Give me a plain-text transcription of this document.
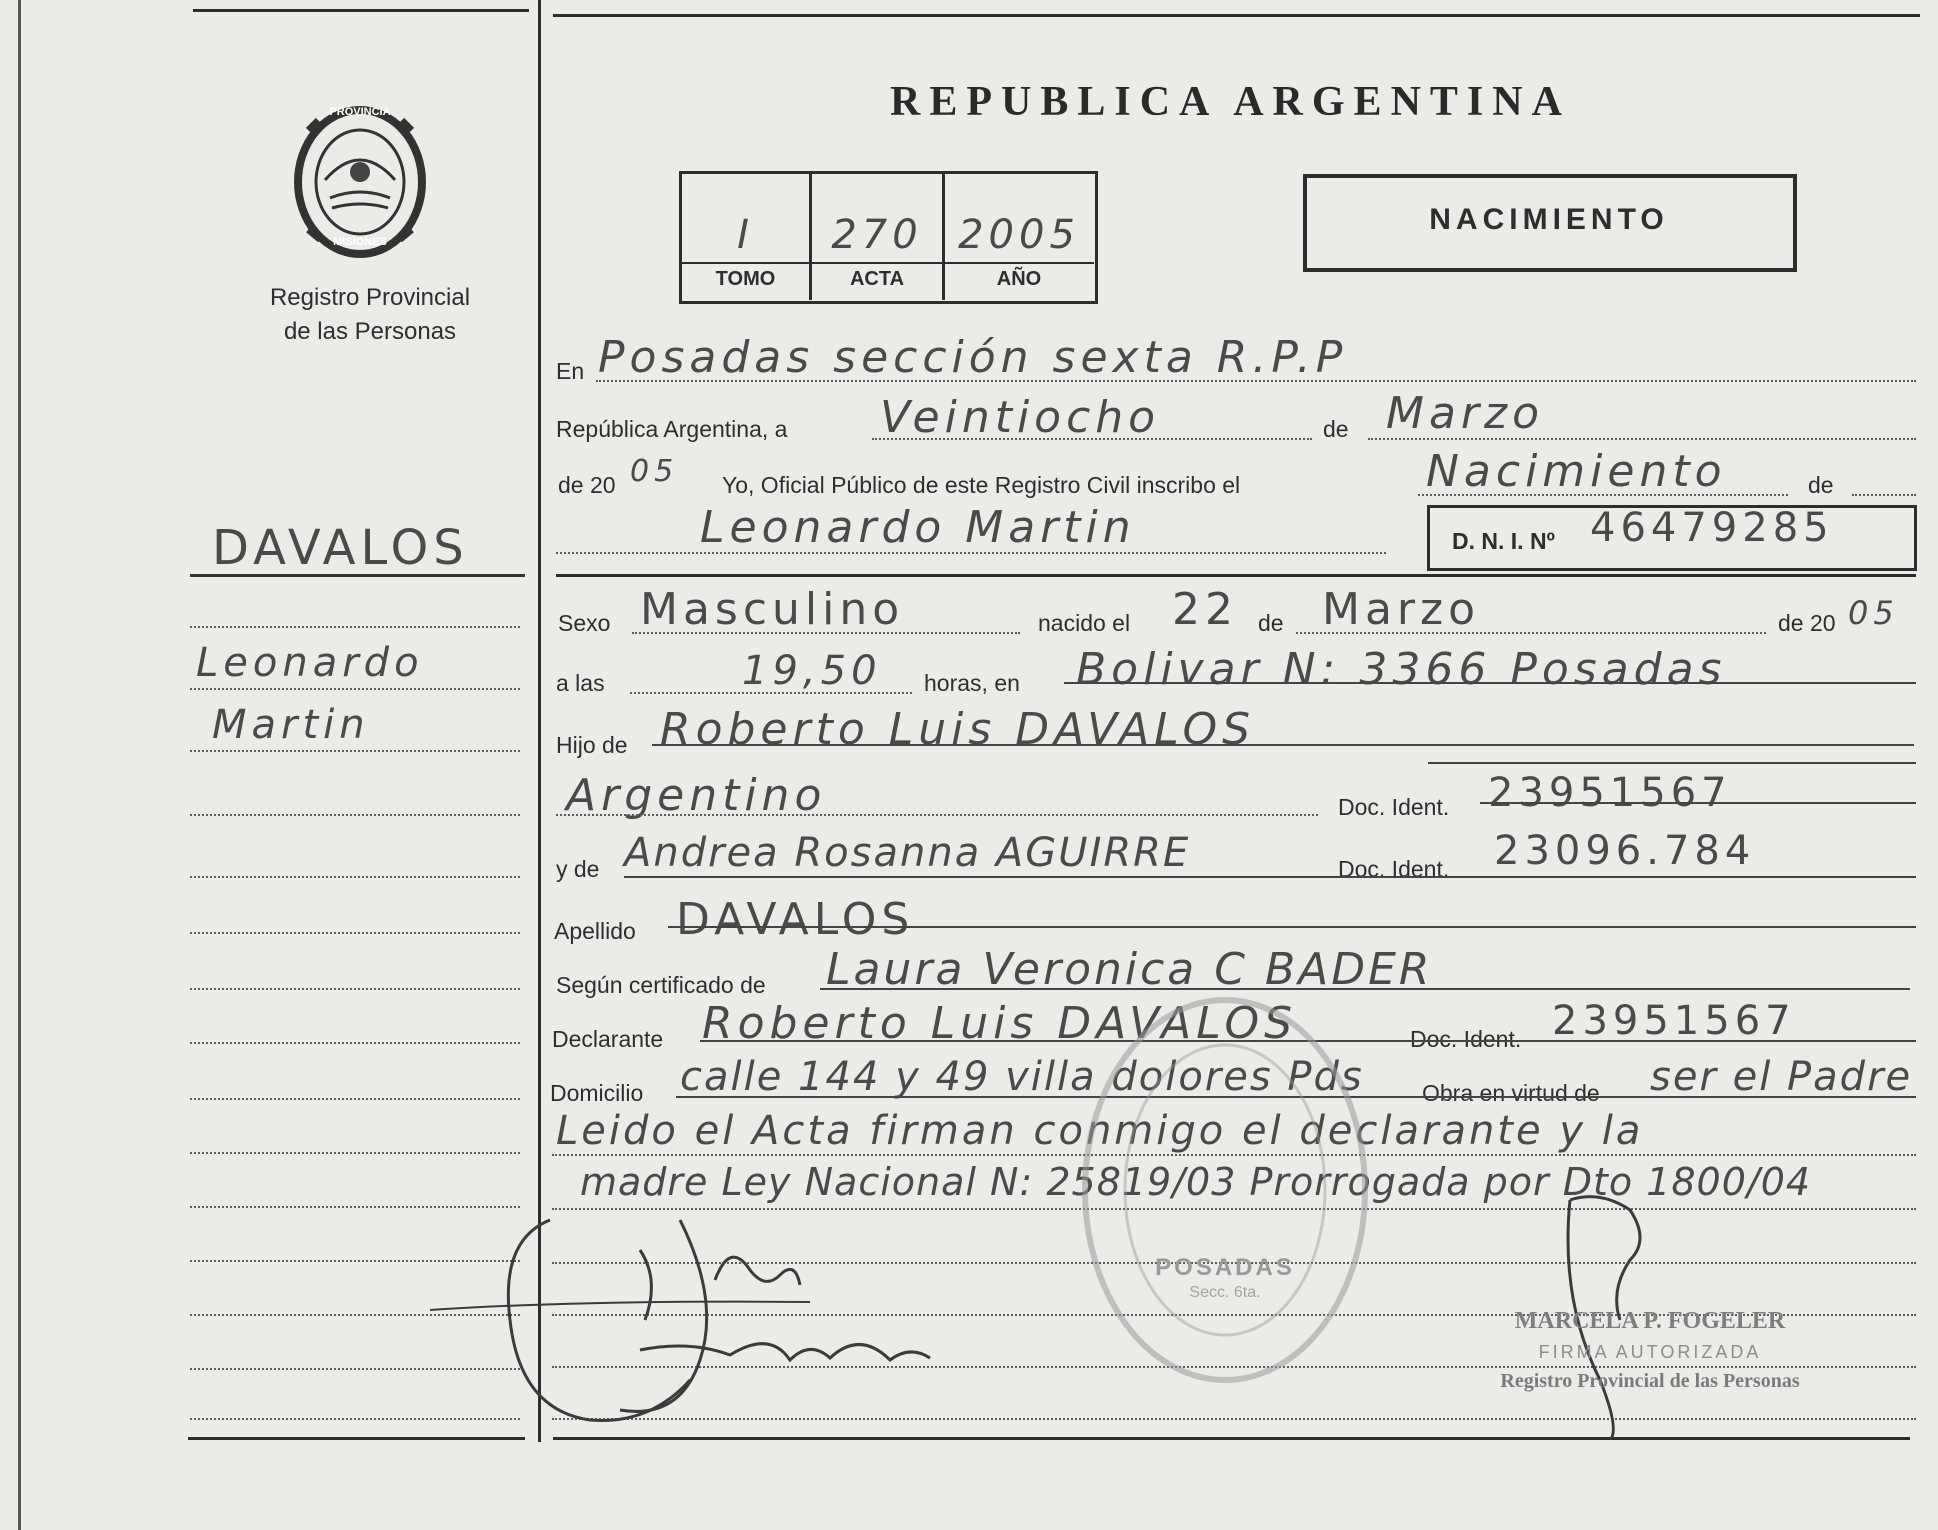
PROVINCIA
MISIONES
Registro Provincial
de las Personas
REPUBLICA ARGENTINA
I	270 2005
TOMO	ACTA	AÑO
NACIMIENTO
DAVALOS
Leonardo
Martin
En Posadas sección sexta R.P.P
República Argentina, a Veintiocho	de Marzo
de 20 05 Yo, Oficial Público de este Registro Civil inscribo el	Nacimiento	de
Leonardo Martin	D. N. I. Nº 46479285
Sexo Masculino	nacido el 22 de Marzo	de 20 05
a las	19,50 horas, en Bolivar N: 3366 Posadas
Hijo de Roberto Luis DAVALOS
Argentino	Doc. Ident. 23951567
y de Andrea Rosanna AGUIRRE	Doc. Ident. 23096.784
Apellido DAVALOS
Según certificado de Laura Veronica C BADER
Declarante Roberto Luis DAVALOS	Doc. Ident. 23951567
Domicilio calle 144 y 49 villa dolores Pds	Obra en virtud de ser el Padre
Leido el Acta firman conmigo el declarante y la
madre Ley Nacional N: 25819/03 Prorrogada por Dto 1800/04
POSADAS
Secc. 6ta.
MARCELA P. FOGELER
FIRMA AUTORIZADA
Registro Provincial de las Personas
